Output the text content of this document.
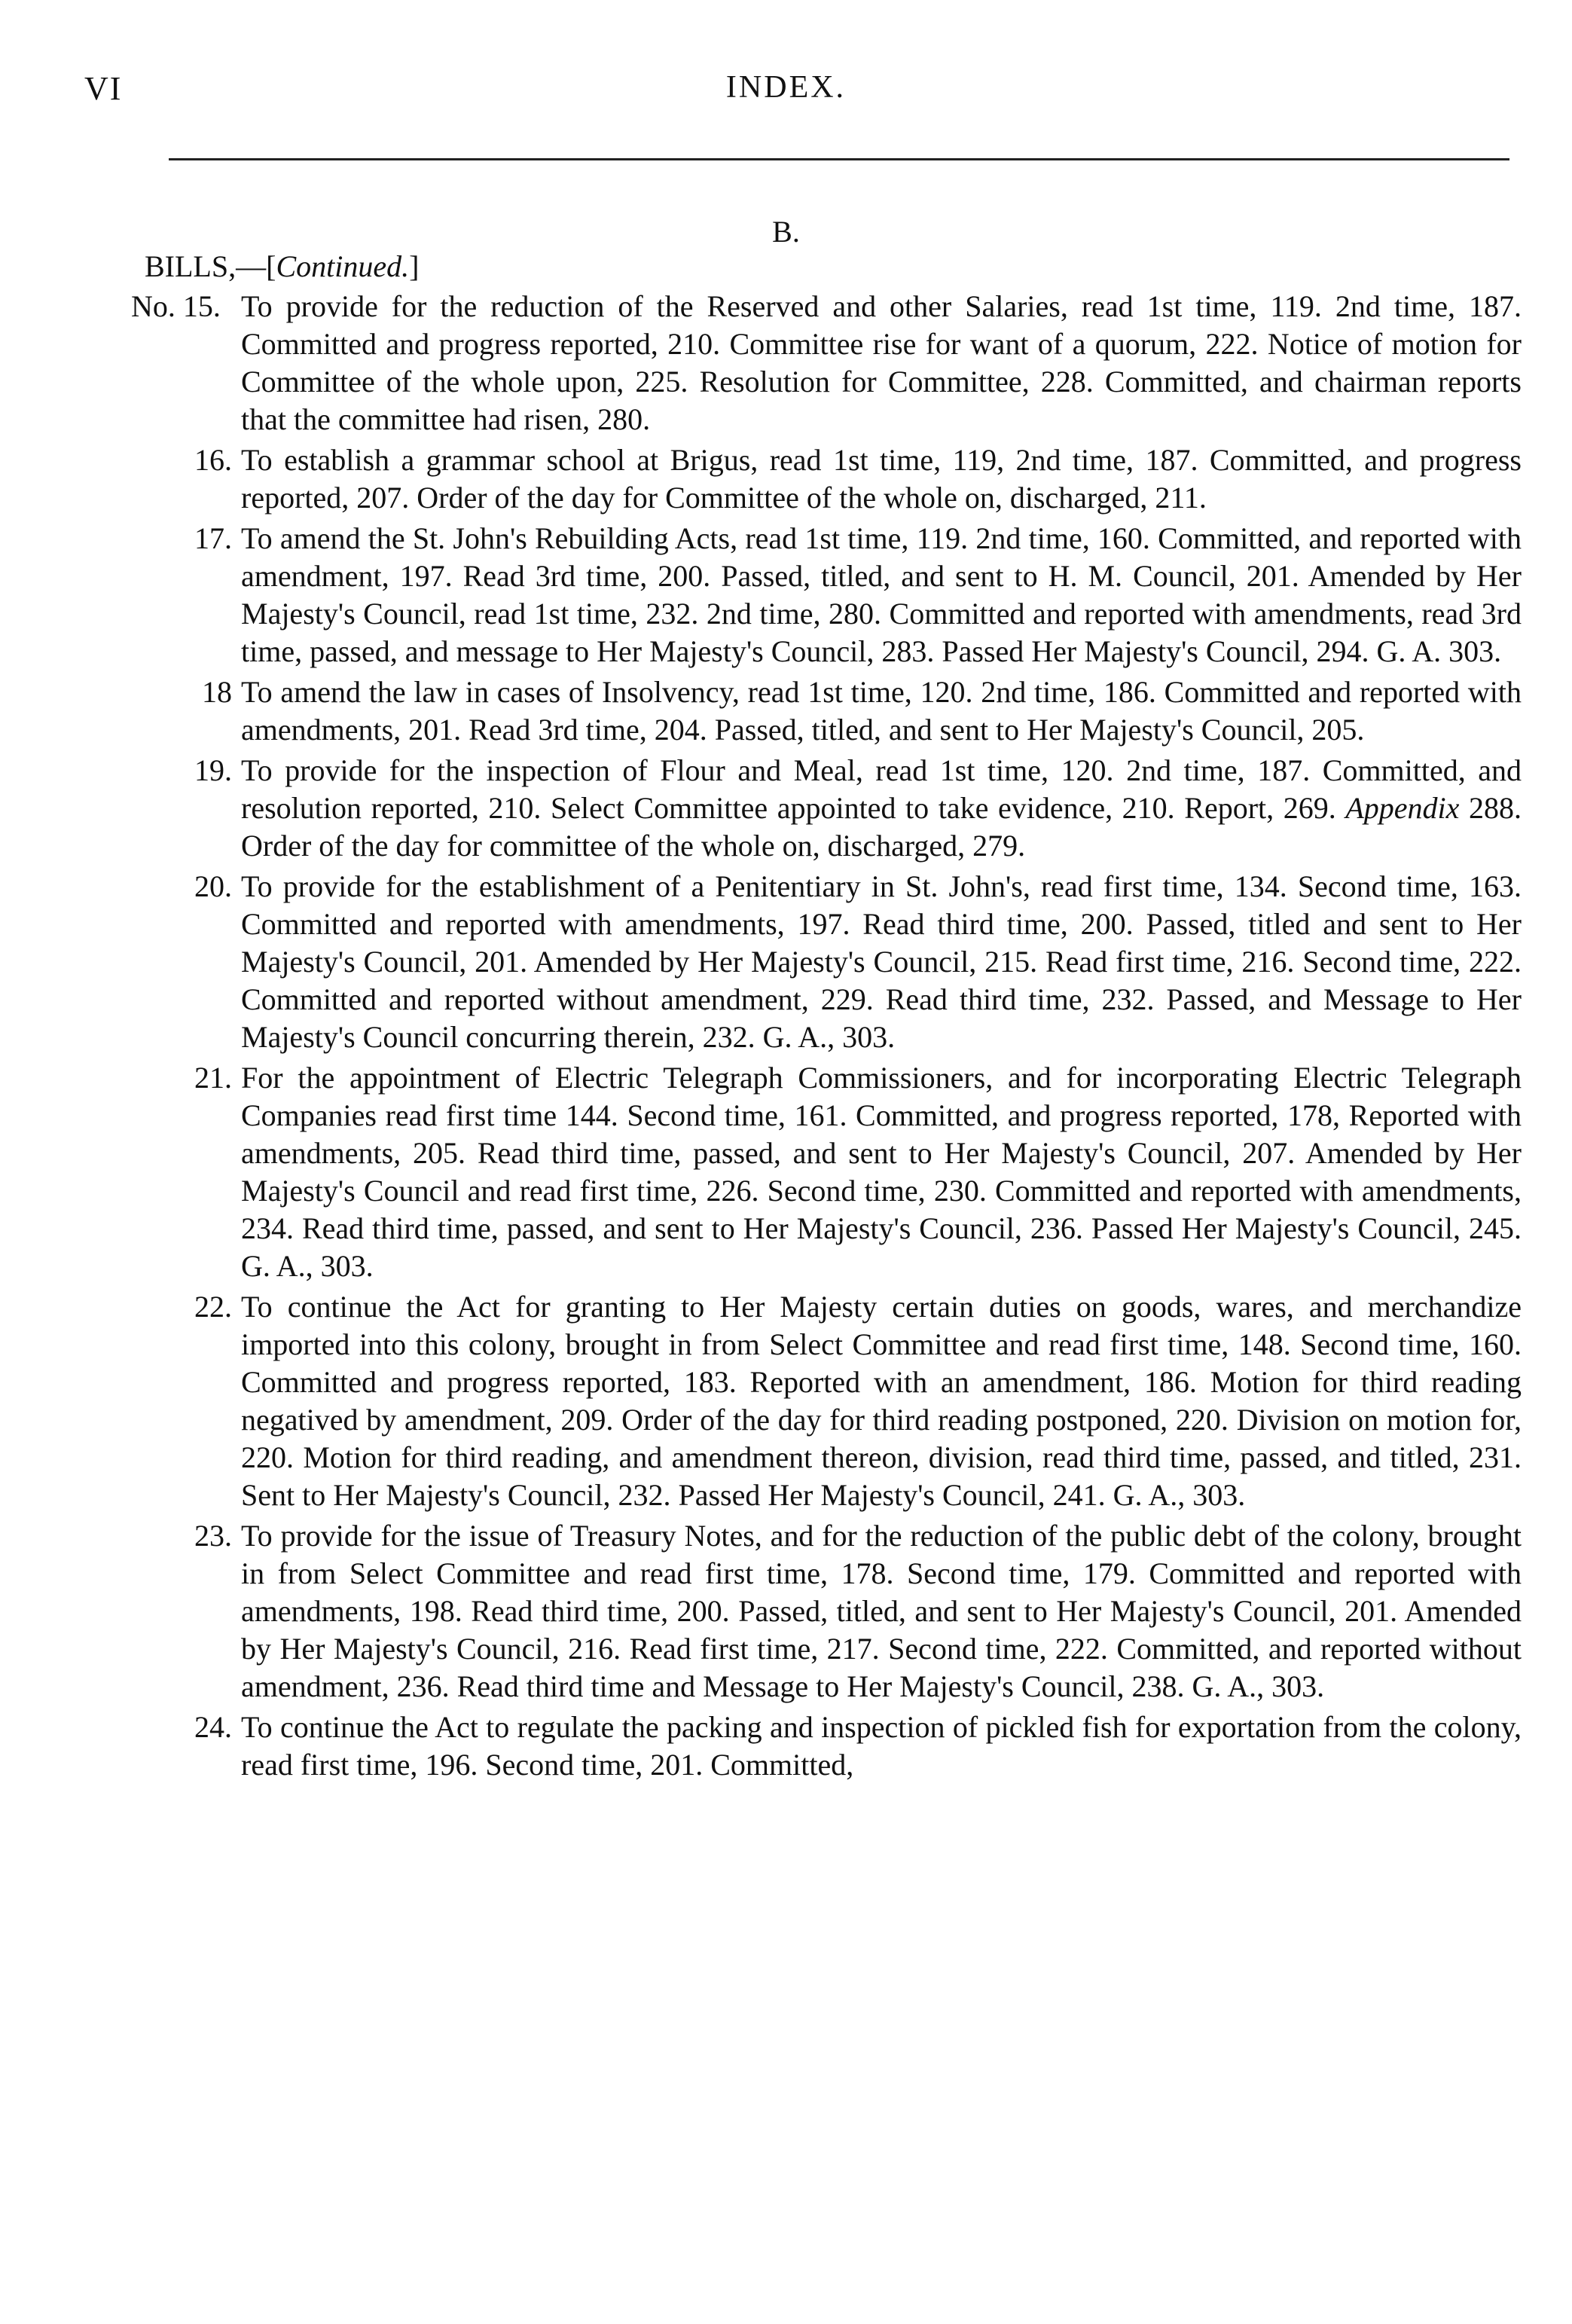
VI	INDEX.
B.
BILLS,—[Continued.]
No. 15. To provide for the reduction of the Reserved and other Salaries, read 1st time, 119. 2nd time, 187. Committed and progress reported, 210. Committee rise for want of a quorum, 222. Notice of motion for Committee of the whole upon, 225. Resolution for Committee, 228. Committed, and chairman reports that the committee had risen, 280.
16. To establish a grammar school at Brigus, read 1st time, 119, 2nd time, 187. Committed, and progress reported, 207. Order of the day for Committee of the whole on, discharged, 211.
17. To amend the St. John's Rebuilding Acts, read 1st time, 119. 2nd time, 160. Committed, and reported with amendment, 197. Read 3rd time, 200. Passed, titled, and sent to H. M. Council, 201. Amended by Her Majesty's Council, read 1st time, 232. 2nd time, 280. Committed and reported with amendments, read 3rd time, passed, and message to Her Majesty's Council, 283. Passed Her Majesty's Council, 294. G. A. 303.
18 To amend the law in cases of Insolvency, read 1st time, 120. 2nd time, 186. Committed and reported with amendments, 201. Read 3rd time, 204. Passed, titled, and sent to Her Majesty's Council, 205.
19. To provide for the inspection of Flour and Meal, read 1st time, 120. 2nd time, 187. Committed, and resolution reported, 210. Select Committee appointed to take evidence, 210. Report, 269. Appendix 288. Order of the day for committee of the whole on, discharged, 279.
20. To provide for the establishment of a Penitentiary in St. John's, read first time, 134. Second time, 163. Committed and reported with amendments, 197. Read third time, 200. Passed, titled and sent to Her Majesty's Council, 201. Amended by Her Majesty's Council, 215. Read first time, 216. Second time, 222. Committed and reported without amendment, 229. Read third time, 232. Passed, and Message to Her Majesty's Council concurring therein, 232. G. A., 303.
21. For the appointment of Electric Telegraph Commissioners, and for incorporating Electric Telegraph Companies read first time 144. Second time, 161. Committed, and progress reported, 178, Reported with amendments, 205. Read third time, passed, and sent to Her Majesty's Council, 207. Amended by Her Majesty's Council and read first time, 226. Second time, 230. Committed and reported with amendments, 234. Read third time, passed, and sent to Her Majesty's Council, 236. Passed Her Majesty's Council, 245. G. A., 303.
22. To continue the Act for granting to Her Majesty certain duties on goods, wares, and merchandize imported into this colony, brought in from Select Committee and read first time, 148. Second time, 160. Committed and progress reported, 183. Reported with an amendment, 186. Motion for third reading negatived by amendment, 209. Order of the day for third reading postponed, 220. Division on motion for, 220. Motion for third reading, and amendment thereon, division, read third time, passed, and titled, 231. Sent to Her Majesty's Council, 232. Passed Her Majesty's Council, 241. G. A., 303.
23. To provide for the issue of Treasury Notes, and for the reduction of the public debt of the colony, brought in from Select Committee and read first time, 178. Second time, 179. Committed and reported with amendments, 198. Read third time, 200. Passed, titled, and sent to Her Majesty's Council, 201. Amended by Her Majesty's Council, 216. Read first time, 217. Second time, 222. Committed, and reported without amendment, 236. Read third time and Message to Her Majesty's Council, 238. G. A., 303.
24. To continue the Act to regulate the packing and inspection of pickled fish for exportation from the colony, read first time, 196. Second time, 201. Committed,
